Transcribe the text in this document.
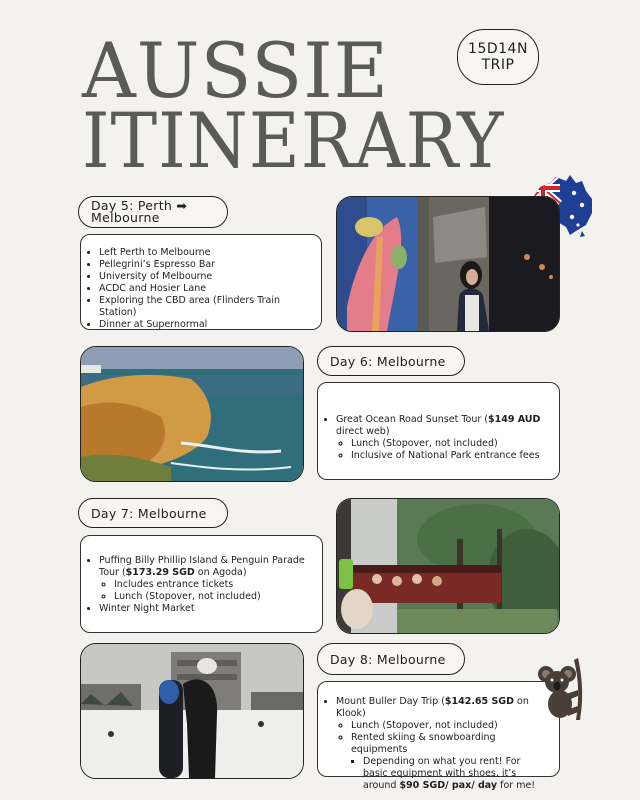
AUSSIE
ITINERARY
15D14N
TRIP
Day 5: Perth ➡ Melbourne
• Left Perth to Melbourne
• Pellegrini’s Espresso Bar
• University of Melbourne
• ACDC and Hosier Lane
• Exploring the CBD area (Flinders Train Station)
• Dinner at Supernormal
Day 6: Melbourne
• Great Ocean Road Sunset Tour ($149 AUD direct web)
◦ Lunch (Stopover, not included)
◦ Inclusive of National Park entrance fees
Day 7: Melbourne
• Puffing Billy Phillip Island & Penguin Parade Tour ($173.29 SGD on Agoda)
◦ Includes entrance tickets
◦ Lunch (Stopover, not included)
• Winter Night Market
Day 8: Melbourne
• Mount Buller Day Trip ($142.65 SGD on Klook)
◦ Lunch (Stopover, not included)
◦ Rented skiing & snowboarding equipments
▪ Depending on what you rent! For basic equipment with shoes, it’s around $90 SGD/ pax/ day for me!
